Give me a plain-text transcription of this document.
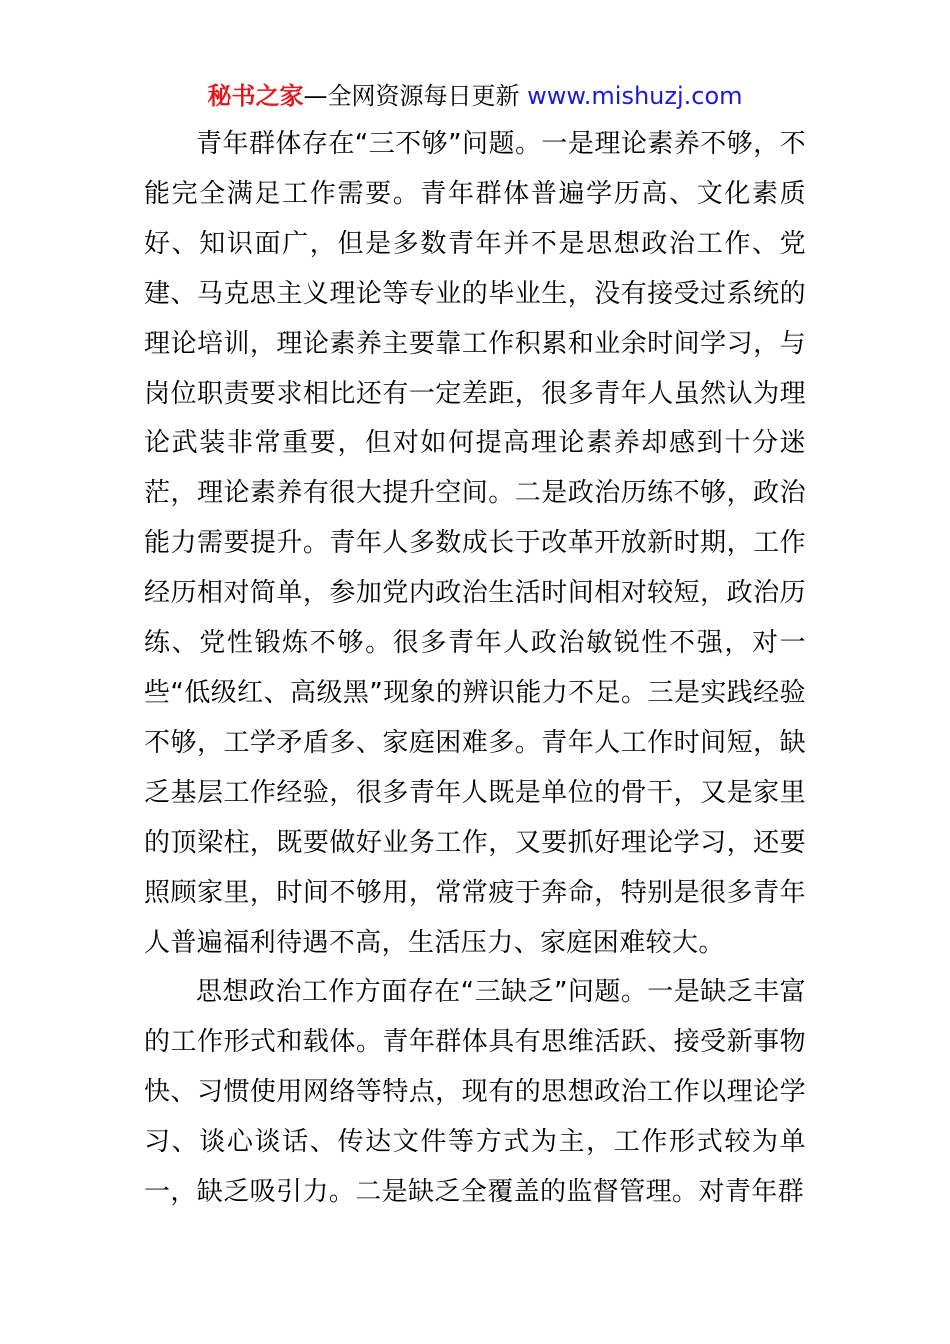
秘书之家—全网资源每日更新 www.mishuzj.com

青年群体存在“三不够”问题。一是理论素养不够，不能完全满足工作需要。青年群体普遍学历高、文化素质好、知识面广，但是多数青年并不是思想政治工作、党建、马克思主义理论等专业的毕业生，没有接受过系统的理论培训，理论素养主要靠工作积累和业余时间学习，与岗位职责要求相比还有一定差距，很多青年人虽然认为理论武装非常重要，但对如何提高理论素养却感到十分迷茫，理论素养有很大提升空间。二是政治历练不够，政治能力需要提升。青年人多数成长于改革开放新时期，工作经历相对简单，参加党内政治生活时间相对较短，政治历练、党性锻炼不够。很多青年人政治敏锐性不强，对一些“低级红、高级黑”现象的辨识能力不足。三是实践经验不够，工学矛盾多、家庭困难多。青年人工作时间短，缺乏基层工作经验，很多青年人既是单位的骨干，又是家里的顶梁柱，既要做好业务工作，又要抓好理论学习，还要照顾家里，时间不够用，常常疲于奔命，特别是很多青年人普遍福利待遇不高，生活压力、家庭困难较大。

思想政治工作方面存在“三缺乏”问题。一是缺乏丰富的工作形式和载体。青年群体具有思维活跃、接受新事物快、习惯使用网络等特点，现有的思想政治工作以理论学习、谈心谈话、传达文件等方式为主，工作形式较为单一，缺乏吸引力。二是缺乏全覆盖的监督管理。对青年群
